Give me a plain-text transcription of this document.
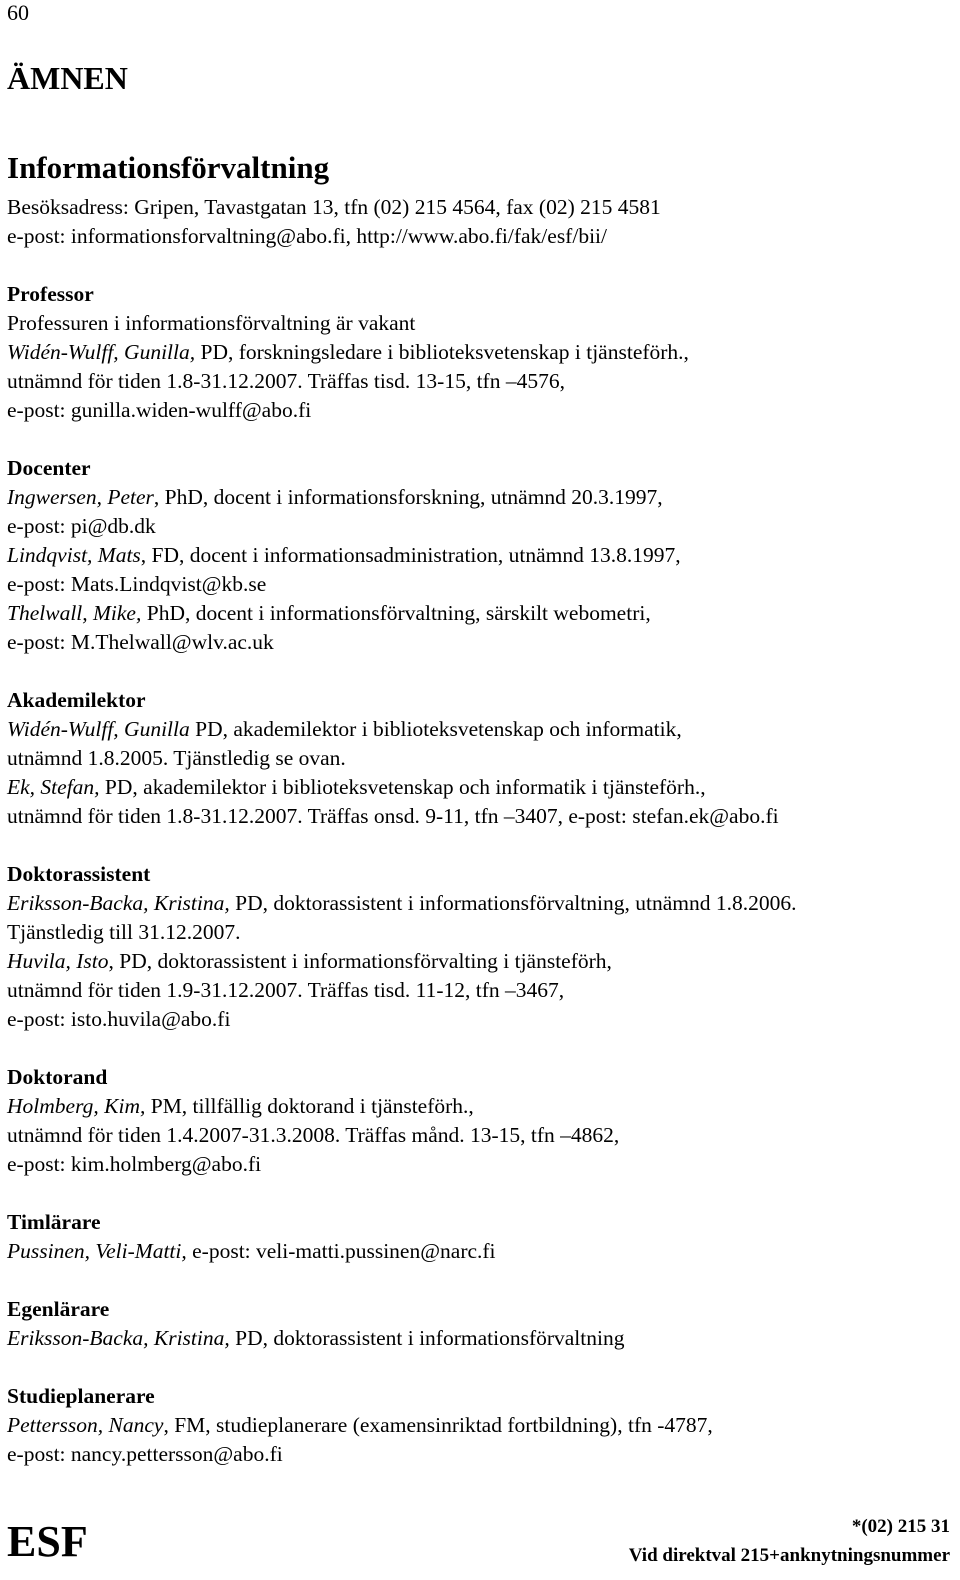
60
ÄMNEN
Informationsförvaltning

Besöksadress: Gripen, Tavastgatan 13, tfn (02) 215 4564, fax (02) 215 4581

e-post: informationsforvaltning@abo.fi, http://www.abo.fi/fak/esf/bii/

Professor

Professuren i informationsförvaltning är vakant

Widén-Wulff, Gunilla, PD, forskningsledare i biblioteksvetenskap i tjänsteförh.,

utnämnd för tiden 1.8-31.12.2007. Träffas tisd. 13-15, tfn –4576,

e-post: gunilla.widen-wulff@abo.fi

Docenter

Ingwersen, Peter, PhD, docent i informationsforskning, utnämnd 20.3.1997,

e-post: pi@db.dk

Lindqvist, Mats, FD, docent i informationsadministration, utnämnd 13.8.1997,

e-post: Mats.Lindqvist@kb.se

Thelwall, Mike, PhD, docent i informationsförvaltning, särskilt webometri,

e-post: M.Thelwall@wlv.ac.uk

Akademilektor

Widén-Wulff, Gunilla PD, akademilektor i biblioteksvetenskap och informatik,

utnämnd 1.8.2005. Tjänstledig se ovan.

Ek, Stefan, PD, akademilektor i biblioteksvetenskap och informatik i tjänsteförh.,

utnämnd för tiden 1.8-31.12.2007. Träffas onsd. 9-11, tfn –3407, e-post: stefan.ek@abo.fi

Doktorassistent

Eriksson-Backa, Kristina, PD, doktorassistent i informationsförvaltning, utnämnd 1.8.2006.

Tjänstledig till 31.12.2007.

Huvila, Isto, PD, doktorassistent i informationsförvalting i tjänsteförh,

utnämnd för tiden 1.9-31.12.2007. Träffas tisd. 11-12, tfn –3467,

e-post: isto.huvila@abo.fi

Doktorand

Holmberg, Kim, PM, tillfällig doktorand i tjänsteförh.,

utnämnd för tiden 1.4.2007-31.3.2008. Träffas månd. 13-15, tfn –4862,

e-post: kim.holmberg@abo.fi

Timlärare

Pussinen, Veli-Matti, e-post: veli-matti.pussinen@narc.fi

Egenlärare

Eriksson-Backa, Kristina, PD, doktorassistent i informationsförvaltning

Studieplanerare

Pettersson, Nancy, FM, studieplanerare (examensinriktad fortbildning), tfn -4787,

e-post: nancy.pettersson@abo.fi

ESF	*(02) 215 31
Vid direktval 215+anknytningsnummer
